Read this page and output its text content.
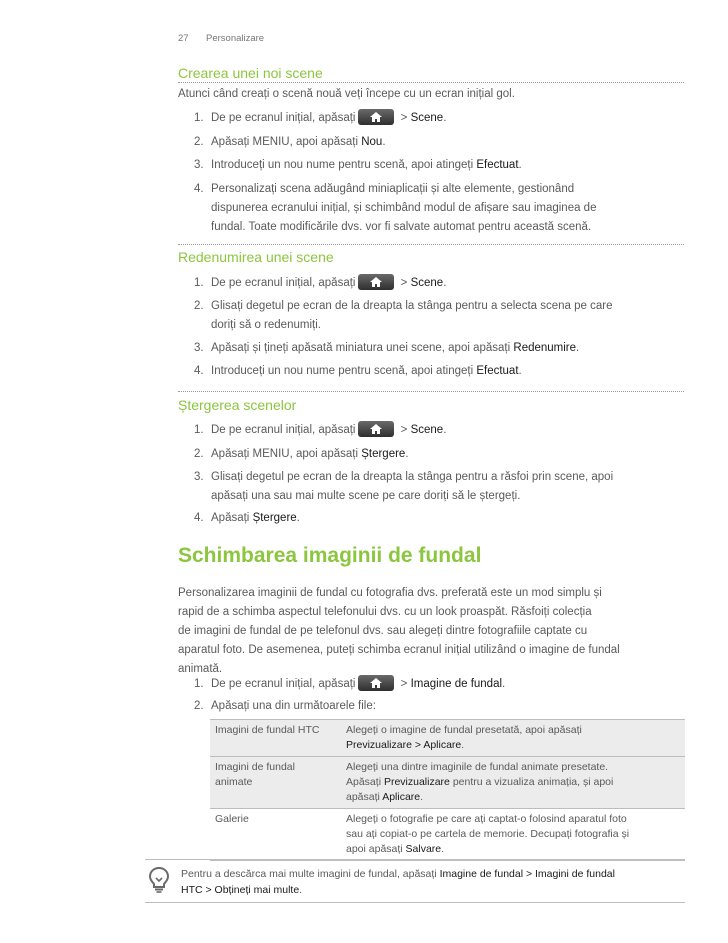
27 Personalizare
Crearea unei noi scene
Atunci când creați o scenă nouă veți începe cu un ecran inițial gol.
1. De pe ecranul inițial, apăsați	> Scene.
2. Apăsați MENIU, apoi apăsați Nou.
3. Introduceți un nou nume pentru scenă, apoi atingeți Efectuat.
4. Personalizați scena adăugând miniaplicații și alte elemente, gestionând
dispunerea ecranului inițial, și schimbând modul de afișare sau imaginea de
fundal. Toate modificările dvs. vor fi salvate automat pentru această scenă.
Redenumirea unei scene
1. De pe ecranul inițial, apăsați	> Scene.
2. Glisați degetul pe ecran de la dreapta la stânga pentru a selecta scena pe care
doriți să o redenumiți.
3. Apăsați și țineți apăsată miniatura unei scene, apoi apăsați Redenumire.
4. Introduceți un nou nume pentru scenă, apoi atingeți Efectuat.
Ștergerea scenelor
1. De pe ecranul inițial, apăsați	> Scene.
2. Apăsați MENIU, apoi apăsați Ștergere.
3. Glisați degetul pe ecran de la dreapta la stânga pentru a răsfoi prin scene, apoi
apăsați una sau mai multe scene pe care doriți să le ștergeți.
4. Apăsați Ștergere.
Schimbarea imaginii de fundal
Personalizarea imaginii de fundal cu fotografia dvs. preferată este un mod simplu și
rapid de a schimba aspectul telefonului dvs. cu un look proaspăt. Răsfoiți colecția
de imagini de fundal de pe telefonul dvs. sau alegeți dintre fotografiile captate cu
aparatul foto. De asemenea, puteți schimba ecranul inițial utilizând o imagine de fundal
animată.
1. De pe ecranul inițial, apăsați	> Imagine de fundal.
2. Apăsați una din următoarele file:
Imagini de fundal HTC	Alegeți o imagine de fundal presetată, apoi apăsați
Previzualizare > Aplicare.

Imagini de fundal
animate	Alegeți una dintre imaginile de fundal animate presetate.
Apăsați Previzualizare pentru a vizualiza animația, și apoi
apăsați Aplicare.

Galerie	Alegeți o fotografie pe care ați captat-o folosind aparatul foto
sau ați copiat-o pe cartela de memorie. Decupați fotografia și
apoi apăsați Salvare.
Pentru a descărca mai multe imagini de fundal, apăsați Imagine de fundal > Imagini de fundal
HTC > Obțineți mai multe.
